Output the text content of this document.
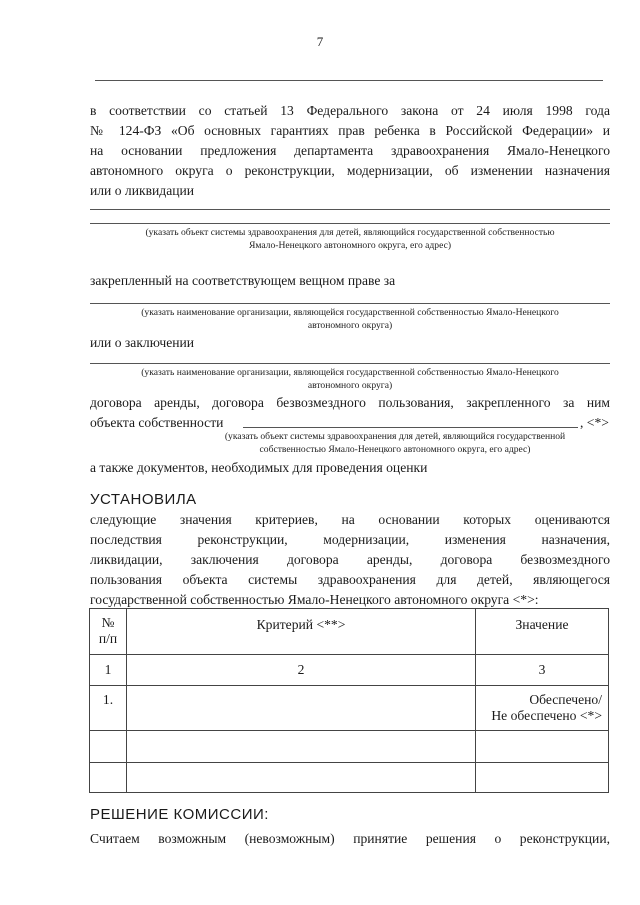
7
в соответствии со статьей 13 Федерального закона от 24 июля 1998 года
№ 124-ФЗ «Об основных гарантиях прав ребенка в Российской Федерации» и
на основании предложения департамента здравоохранения Ямало-Ненецкого
автономного округа о реконструкции, модернизации, об изменении назначения
или о ликвидации
(указать объект системы здравоохранения для детей, являющийся государственной собственностью
Ямало-Ненецкого автономного округа, его адрес)
закрепленный на соответствующем вещном праве за
(указать наименование организации, являющейся государственной собственностью Ямало-Ненецкого
автономного округа)
или о заключении
(указать наименование организации, являющейся государственной собственностью Ямало-Ненецкого
автономного округа)
договора аренды, договора безвозмездного пользования, закрепленного за ним
объекта собственности	, <*>
(указать объект системы здравоохранения для детей, являющийся государственной
собственностью Ямало-Ненецкого автономного округа, его адрес)
а также документов, необходимых для проведения оценки
УСТАНОВИЛА
следующие значения критериев, на основании которых оцениваются
последствия реконструкции, модернизации, изменения назначения,
ликвидации, заключения договора аренды, договора безвозмездного
пользования объекта системы здравоохранения для детей, являющегося
государственной собственностью Ямало-Ненецкого автономного округа <*>:
№
п/п	Критерий <**>	Значение

1	2	3
1.		Обеспечено/
Не обеспечено <*>

РЕШЕНИЕ КОМИССИИ:
Считаем возможным (невозможным) принятие решения о реконструкции,
